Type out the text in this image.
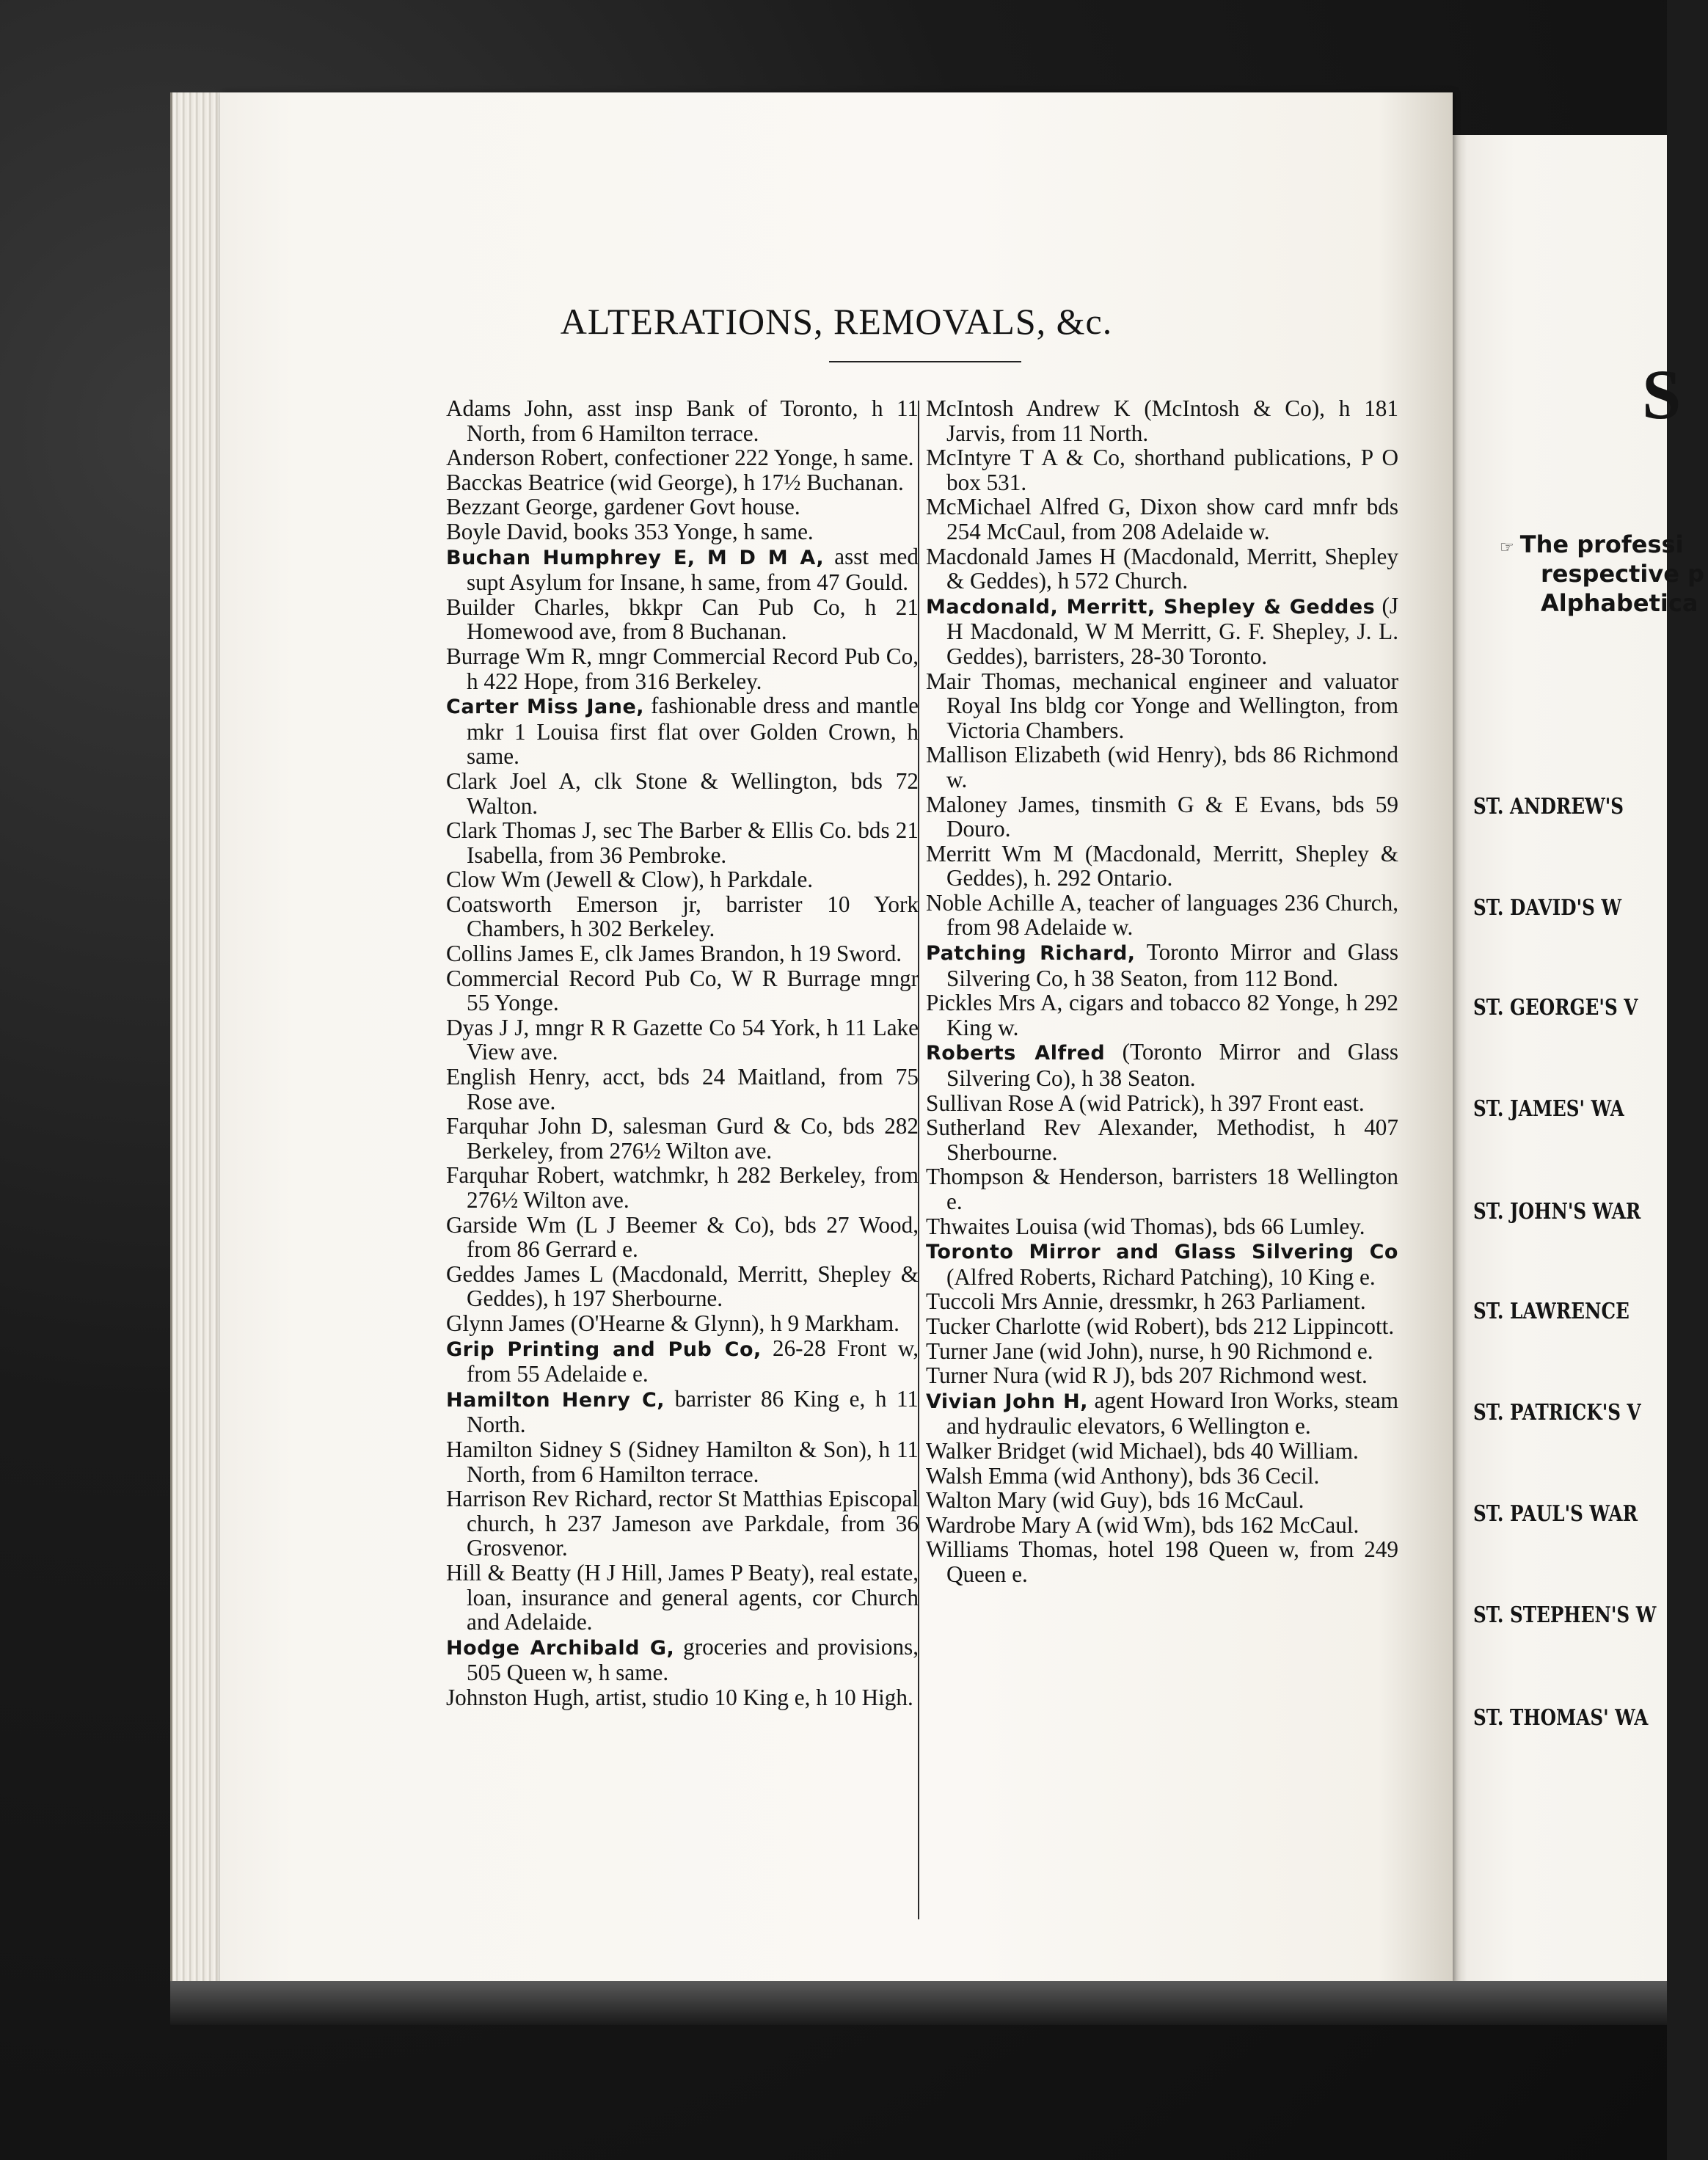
ALTERATIONS, REMOVALS, &c.

Adams John, asst insp Bank of Toronto, h 11 North, from 6 Hamilton terrace.

Anderson Robert, confectioner 222 Yonge, h same.

Bacckas Beatrice (wid George), h 17½ Buchanan.

Bezzant George, gardener Govt house.

Boyle David, books 353 Yonge, h same.

Buchan Humphrey E, M D M A, asst med supt Asylum for Insane, h same, from 47 Gould.

Builder Charles, bkkpr Can Pub Co, h 21 Homewood ave, from 8 Buchanan.

Burrage Wm R, mngr Commercial Record Pub Co, h 422 Hope, from 316 Berkeley.

Carter Miss Jane, fashionable dress and mantle mkr 1 Louisa first flat over Golden Crown, h same.

Clark Joel A, clk Stone & Wellington, bds 72 Walton.

Clark Thomas J, sec The Barber & Ellis Co. bds 21 Isabella, from 36 Pembroke.

Clow Wm (Jewell & Clow), h Parkdale.

Coatsworth Emerson jr, barrister 10 York Chambers, h 302 Berkeley.

Collins James E, clk James Brandon, h 19 Sword.

Commercial Record Pub Co, W R Burrage mngr 55 Yonge.

Dyas J J, mngr R R Gazette Co 54 York, h 11 Lake View ave.

English Henry, acct, bds 24 Maitland, from 75 Rose ave.

Farquhar John D, salesman Gurd & Co, bds 282 Berkeley, from 276½ Wilton ave.

Farquhar Robert, watchmkr, h 282 Berkeley, from 276½ Wilton ave.

Garside Wm (L J Beemer & Co), bds 27 Wood, from 86 Gerrard e.

Geddes James L (Macdonald, Merritt, Shepley & Geddes), h 197 Sherbourne.

Glynn James (O'Hearne & Glynn), h 9 Markham.

Grip Printing and Pub Co, 26-28 Front w, from 55 Adelaide e.

Hamilton Henry C, barrister 86 King e, h 11 North.

Hamilton Sidney S (Sidney Hamilton & Son), h 11 North, from 6 Hamilton terrace.

Harrison Rev Richard, rector St Matthias Episcopal church, h 237 Jameson ave Parkdale, from 36 Grosvenor.

Hill & Beatty (H J Hill, James P Beaty), real estate, loan, insurance and general agents, cor Church and Adelaide.

Hodge Archibald G, groceries and provisions, 505 Queen w, h same.

Johnston Hugh, artist, studio 10 King e, h 10 High.

McIntosh Andrew K (McIntosh & Co), h 181 Jarvis, from 11 North.

McIntyre T A & Co, shorthand publications, P O box 531.

McMichael Alfred G, Dixon show card mnfr bds 254 McCaul, from 208 Adelaide w.

Macdonald James H (Macdonald, Merritt, Shepley & Geddes), h 572 Church.

Macdonald, Merritt, Shepley & Geddes (J H Macdonald, W M Merritt, G. F. Shepley, J. L. Geddes), barristers, 28-30 Toronto.

Mair Thomas, mechanical engineer and valuator Royal Ins bldg cor Yonge and Wellington, from Victoria Chambers.

Mallison Elizabeth (wid Henry), bds 86 Richmond w.

Maloney James, tinsmith G & E Evans, bds 59 Douro.

Merritt Wm M (Macdonald, Merritt, Shepley & Geddes), h. 292 Ontario.

Noble Achille A, teacher of languages 236 Church, from 98 Adelaide w.

Patching Richard, Toronto Mirror and Glass Silvering Co, h 38 Seaton, from 112 Bond.

Pickles Mrs A, cigars and tobacco 82 Yonge, h 292 King w.

Roberts Alfred (Toronto Mirror and Glass Silvering Co), h 38 Seaton.

Sullivan Rose A (wid Patrick), h 397 Front east.

Sutherland Rev Alexander, Methodist, h 407 Sherbourne.

Thompson & Henderson, barristers 18 Wellington e.

Thwaites Louisa (wid Thomas), bds 66 Lumley.

Toronto Mirror and Glass Silvering Co (Alfred Roberts, Richard Patching), 10 King e.

Tuccoli Mrs Annie, dressmkr, h 263 Parliament.

Tucker Charlotte (wid Robert), bds 212 Lippincott.

Turner Jane (wid John), nurse, h 90 Richmond e.

Turner Nura (wid R J), bds 207 Richmond west.

Vivian John H, agent Howard Iron Works, steam and hydraulic elevators, 6 Wellington e.

Walker Bridget (wid Michael), bds 40 William.

Walsh Emma (wid Anthony), bds 36 Cecil.

Walton Mary (wid Guy), bds 16 McCaul.

Wardrobe Mary A (wid Wm), bds 162 McCaul.

Williams Thomas, hotel 198 Queen w, from 249 Queen e.

S
☞ The professi
respective p
Alphabetica
ST. ANDREW'S
ST. DAVID'S W
ST. GEORGE'S V
ST. JAMES' WA
ST. JOHN'S WAR
ST. LAWRENCE
ST. PATRICK'S V
ST. PAUL'S WAR
ST. STEPHEN'S W
ST. THOMAS' WA
